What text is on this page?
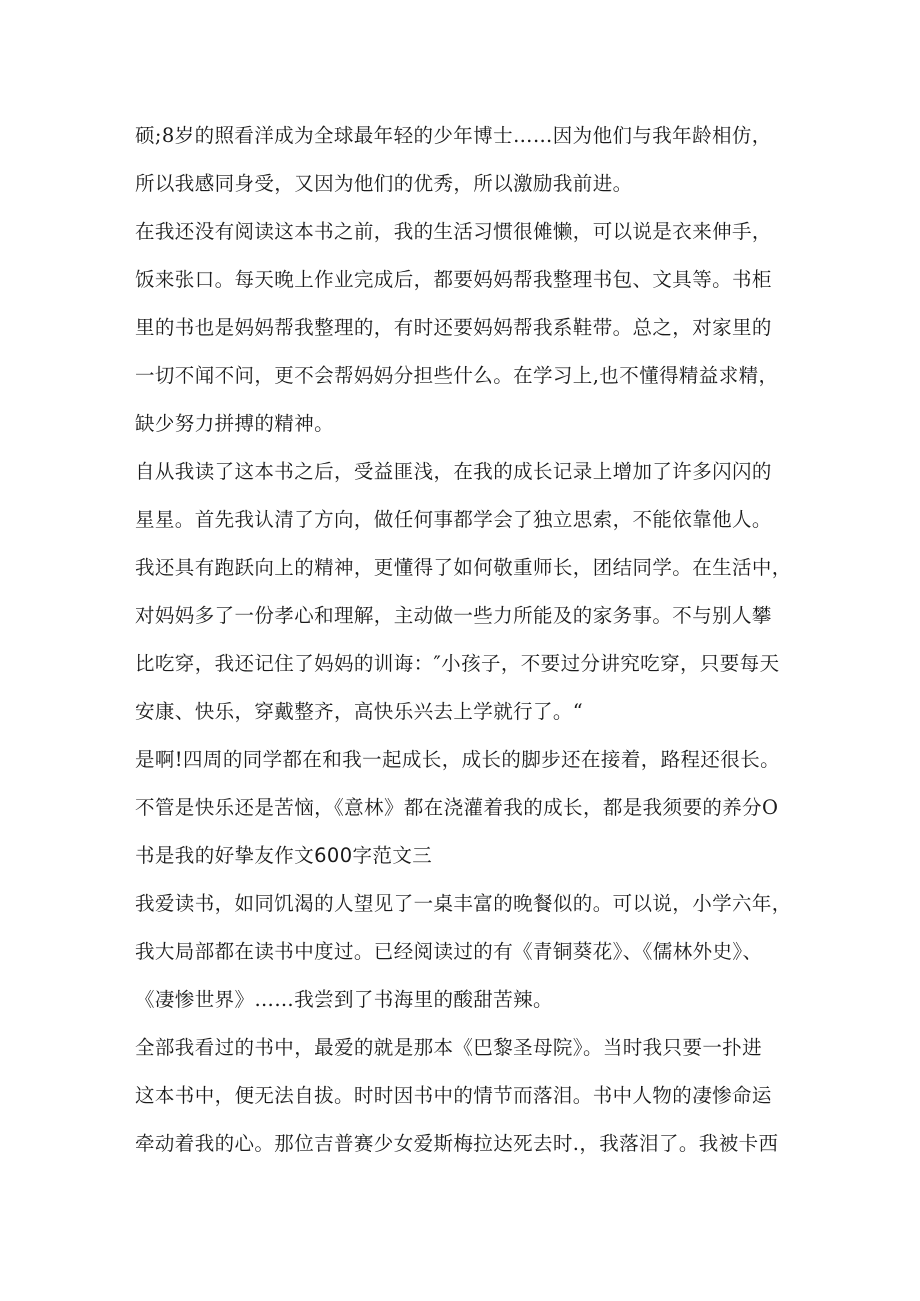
硕;8岁的照看洋成为全球最年轻的少年博士……因为他们与我年龄相仿，
所以我感同身受，又因为他们的优秀，所以激励我前进。

在我还没有阅读这本书之前，我的生活习惯很傩懒，可以说是衣来伸手，
饭来张口。每天晚上作业完成后，都要妈妈帮我整理书包、文具等。书柜
里的书也是妈妈帮我整理的，有时还要妈妈帮我系鞋带。总之，对家里的
一切不闻不问，更不会帮妈妈分担些什么。在学习上,也不懂得精益求精，
缺少努力拼搏的精神。

自从我读了这本书之后，受益匪浅，在我的成长记录上增加了许多闪闪的
星星。首先我认清了方向，做任何事都学会了独立思索，不能依靠他人。
我还具有跑跃向上的精神，更懂得了如何敬重师长，团结同学。在生活中，
对妈妈多了一份孝心和理解，主动做一些力所能及的家务事。不与别人攀
比吃穿，我还记住了妈妈的训诲：″小孩子，不要过分讲究吃穿，只要每天
安康、快乐，穿戴整齐，高快乐兴去上学就行了。“

是啊!四周的同学都在和我一起成长，成长的脚步还在接着，路程还很长。
不管是快乐还是苦恼，《意林》都在浇灌着我的成长，都是我须要的养分O

书是我的好挚友作文600字范文三

我爱读书，如同饥渴的人望见了一桌丰富的晚餐似的。可以说，小学六年，
我大局部都在读书中度过。已经阅读过的有《青铜葵花》、《儒林外史》、
《凄惨世界》……我尝到了书海里的酸甜苦辣。

全部我看过的书中，最爱的就是那本《巴黎圣母院》。当时我只要一扑进
这本书中，便无法自拔。时时因书中的情节而落泪。书中人物的凄惨命运
牵动着我的心。那位吉普赛少女爱斯梅拉达死去时.，我落泪了。我被卡西
